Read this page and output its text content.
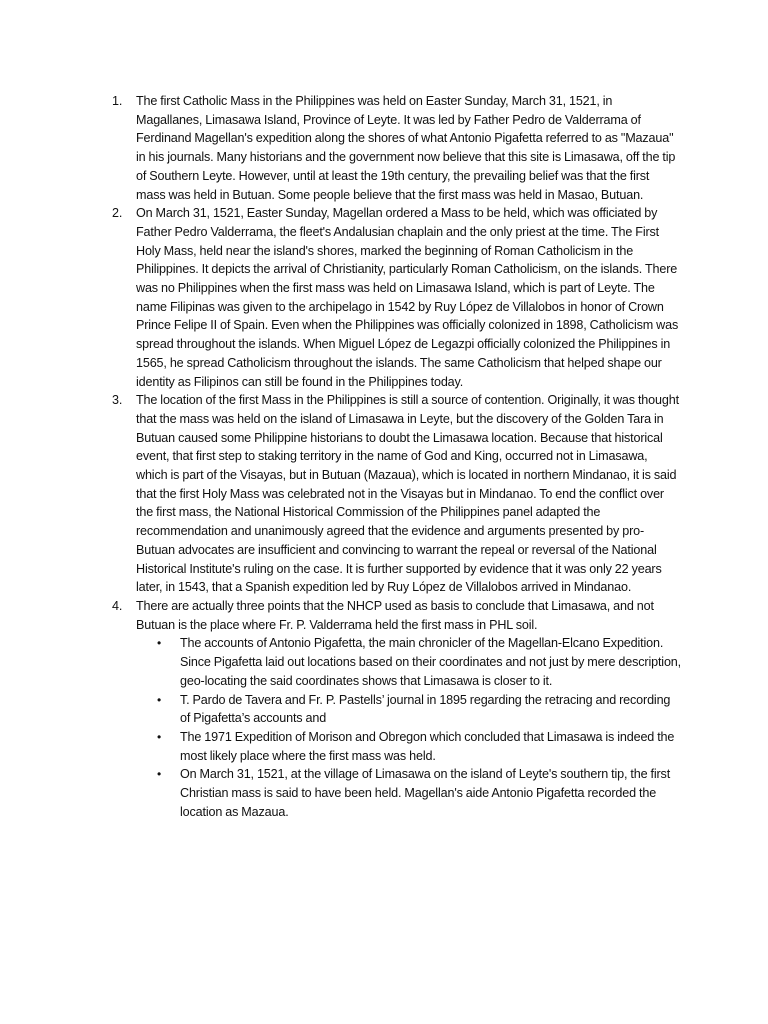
1.	The first Catholic Mass in the Philippines was held on Easter Sunday, March 31, 1521, in Magallanes, Limasawa Island, Province of Leyte. It was led by Father Pedro de Valderrama of Ferdinand Magellan's expedition along the shores of what Antonio Pigafetta referred to as "Mazaua" in his journals. Many historians and the government now believe that this site is Limasawa, off the tip of Southern Leyte. However, until at least the 19th century, the prevailing belief was that the first mass was held in Butuan. Some people believe that the first mass was held in Masao, Butuan.
2.	On March 31, 1521, Easter Sunday, Magellan ordered a Mass to be held, which was officiated by Father Pedro Valderrama, the fleet's Andalusian chaplain and the only priest at the time. The First Holy Mass, held near the island's shores, marked the beginning of Roman Catholicism in the Philippines. It depicts the arrival of Christianity, particularly Roman Catholicism, on the islands. There was no Philippines when the first mass was held on Limasawa Island, which is part of Leyte. The name Filipinas was given to the archipelago in 1542 by Ruy López de Villalobos in honor of Crown Prince Felipe II of Spain. Even when the Philippines was officially colonized in 1898, Catholicism was spread throughout the islands. When Miguel López de Legazpi officially colonized the Philippines in 1565, he spread Catholicism throughout the islands. The same Catholicism that helped shape our identity as Filipinos can still be found in the Philippines today.
3.	The location of the first Mass in the Philippines is still a source of contention. Originally, it was thought that the mass was held on the island of Limasawa in Leyte, but the discovery of the Golden Tara in Butuan caused some Philippine historians to doubt the Limasawa location. Because that historical event, that first step to staking territory in the name of God and King, occurred not in Limasawa, which is part of the Visayas, but in Butuan (Mazaua), which is located in northern Mindanao, it is said that the first Holy Mass was celebrated not in the Visayas but in Mindanao. To end the conflict over the first mass, the National Historical Commission of the Philippines panel adapted the recommendation and unanimously agreed that the evidence and arguments presented by pro-Butuan advocates are insufficient and convincing to warrant the repeal or reversal of the National Historical Institute's ruling on the case. It is further supported by evidence that it was only 22 years later, in 1543, that a Spanish expedition led by Ruy López de Villalobos arrived in Mindanao.
4.	There are actually three points that the NHCP used as basis to conclude that Limasawa, and not Butuan is the place where Fr. P. Valderrama held the first mass in PHL soil.
•	The accounts of Antonio Pigafetta, the main chronicler of the Magellan-Elcano Expedition. Since Pigafetta laid out locations based on their coordinates and not just by mere description, geo-locating the said coordinates shows that Limasawa is closer to it.
•	T. Pardo de Tavera and Fr. P. Pastells’ journal in 1895 regarding the retracing and recording of Pigafetta’s accounts and
•	The 1971 Expedition of Morison and Obregon which concluded that Limasawa is indeed the most likely place where the first mass was held.
•	On March 31, 1521, at the village of Limasawa on the island of Leyte's southern tip, the first Christian mass is said to have been held. Magellan's aide Antonio Pigafetta recorded the location as Mazaua.
